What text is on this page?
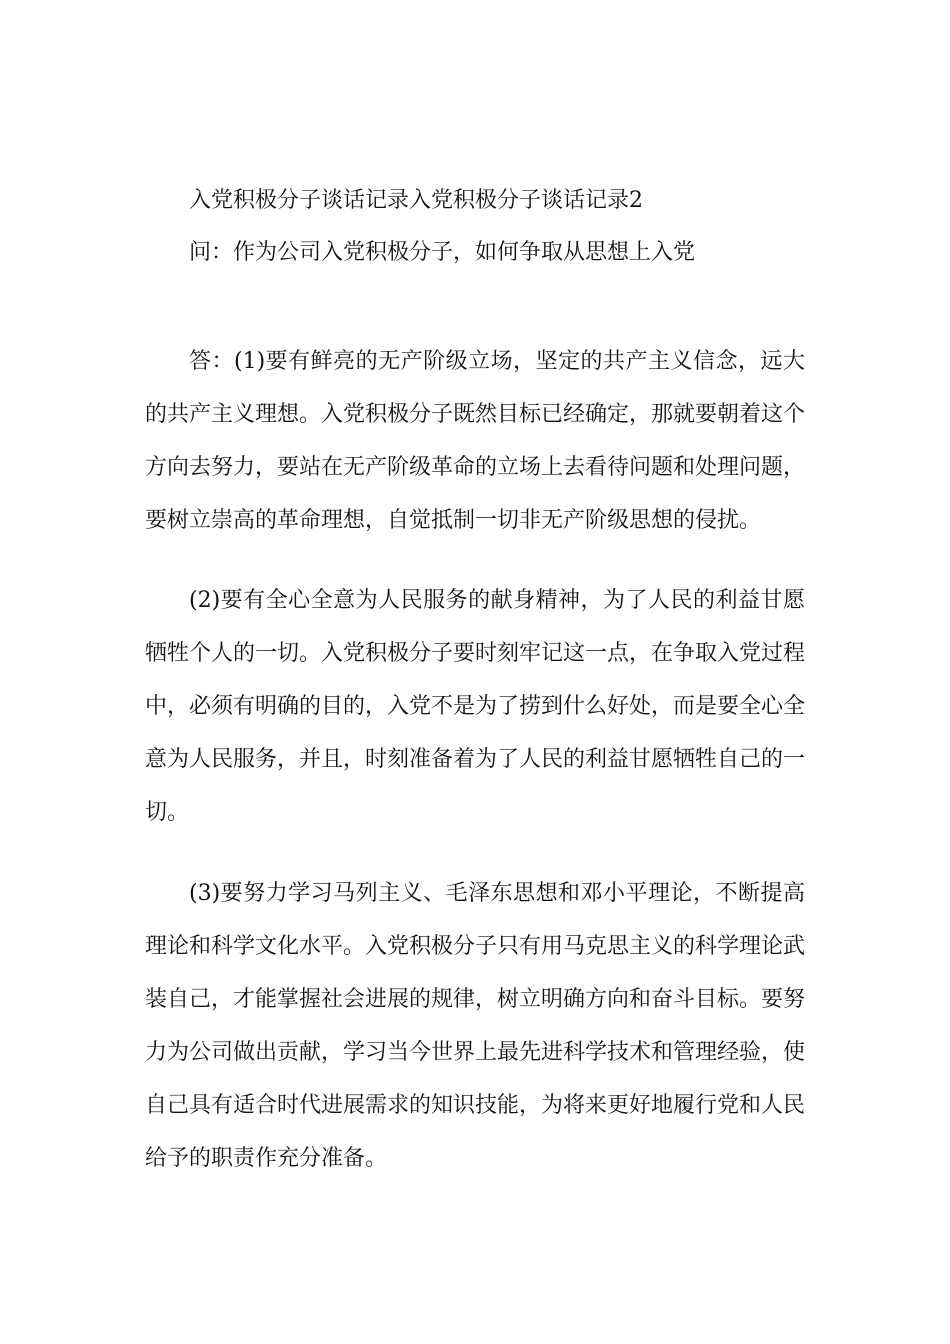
入党积极分子谈话记录入党积极分子谈话记录2
问：作为公司入党积极分子，如何争取从思想上入党
答：(1)要有鲜亮的无产阶级立场，坚定的共产主义信念，远大的共产主义理想。入党积极分子既然目标已经确定，那就要朝着这个方向去努力，要站在无产阶级革命的立场上去看待问题和处理问题，要树立崇高的革命理想，自觉抵制一切非无产阶级思想的侵扰。
(2)要有全心全意为人民服务的献身精神，为了人民的利益甘愿牺牲个人的一切。入党积极分子要时刻牢记这一点，在争取入党过程中，必须有明确的目的，入党不是为了捞到什么好处，而是要全心全意为人民服务，并且，时刻准备着为了人民的利益甘愿牺牲自己的一切。
(3)要努力学习马列主义、毛泽东思想和邓小平理论，不断提高理论和科学文化水平。入党积极分子只有用马克思主义的科学理论武装自己，才能掌握社会进展的规律，树立明确方向和奋斗目标。要努力为公司做出贡献，学习当今世界上最先进科学技术和管理经验，使自己具有适合时代进展需求的知识技能，为将来更好地履行党和人民给予的职责作充分准备。
